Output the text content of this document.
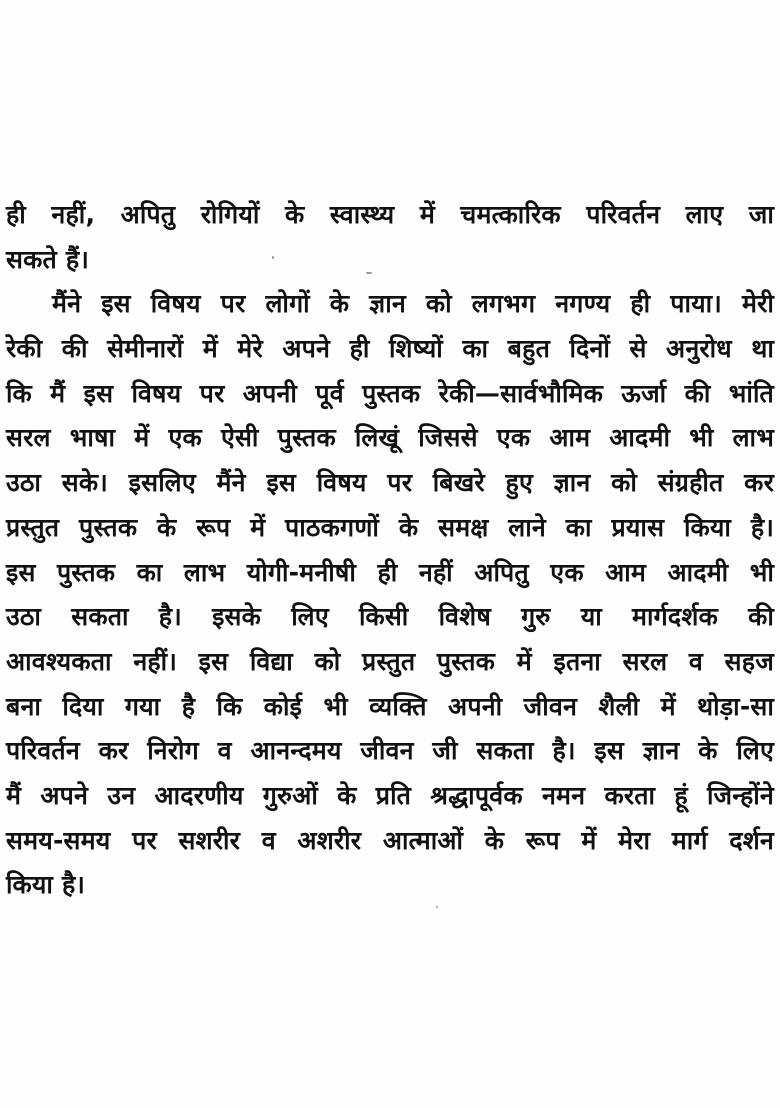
ही नहीं, अपितु रोगियों के स्वास्थ्य में चमत्कारिक परिवर्तन लाए जा
सकते हैं।
मैंने इस विषय पर लोगों के ज्ञान को लगभग नगण्य ही पाया। मेरी
रेकी की सेमीनारों में मेरे अपने ही शिष्यों का बहुत दिनों से अनुरोध था
कि मैं इस विषय पर अपनी पूर्व पुस्तक रेकी—सार्वभौमिक ऊर्जा की भांति
सरल भाषा में एक ऐसी पुस्तक लिखूं जिससे एक आम आदमी भी लाभ
उठा सके। इसलिए मैंने इस विषय पर बिखरे हुए ज्ञान को संग्रहीत कर
प्रस्तुत पुस्तक के रूप में पाठकगणों के समक्ष लाने का प्रयास किया है।
इस पुस्तक का लाभ योगी-मनीषी ही नहीं अपितु एक आम आदमी भी
उठा सकता है। इसके लिए किसी विशेष गुरु या मार्गदर्शक की
आवश्यकता नहीं। इस विद्या को प्रस्तुत पुस्तक में इतना सरल व सहज
बना दिया गया है कि कोई भी व्यक्ति अपनी जीवन शैली में थोड़ा-सा
परिवर्तन कर निरोग व आनन्दमय जीवन जी सकता है। इस ज्ञान के लिए
मैं अपने उन आदरणीय गुरुओं के प्रति श्रद्धापूर्वक नमन करता हूं जिन्होंने
समय-समय पर सशरीर व अशरीर आत्माओं के रूप में मेरा मार्ग दर्शन
किया है।
